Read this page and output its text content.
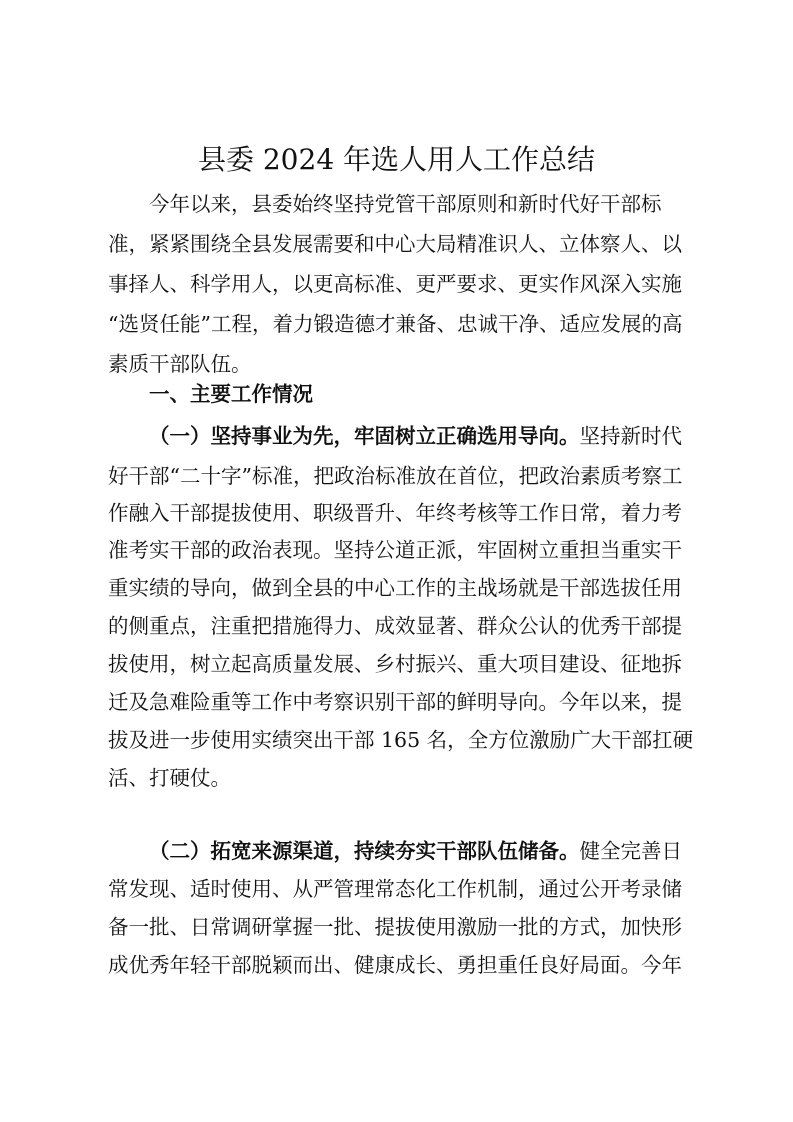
县委 2024 年选人用人工作总结
今年以来，县委始终坚持党管干部原则和新时代好干部标
准，紧紧围绕全县发展需要和中心大局精准识人、立体察人、以
事择人、科学用人，以更高标准、更严要求、更实作风深入实施
“选贤任能”工程，着力锻造德才兼备、忠诚干净、适应发展的高
素质干部队伍。
一、主要工作情况
（一）坚持事业为先，牢固树立正确选用导向。坚持新时代
好干部“二十字”标准，把政治标准放在首位，把政治素质考察工
作融入干部提拔使用、职级晋升、年终考核等工作日常，着力考
准考实干部的政治表现。坚持公道正派，牢固树立重担当重实干
重实绩的导向，做到全县的中心工作的主战场就是干部选拔任用
的侧重点，注重把措施得力、成效显著、群众公认的优秀干部提
拔使用，树立起高质量发展、乡村振兴、重大项目建设、征地拆
迁及急难险重等工作中考察识别干部的鲜明导向。今年以来，提
拔及进一步使用实绩突出干部 165 名，全方位激励广大干部扛硬
活、打硬仗。
（二）拓宽来源渠道，持续夯实干部队伍储备。健全完善日
常发现、适时使用、从严管理常态化工作机制，通过公开考录储
备一批、日常调研掌握一批、提拔使用激励一批的方式，加快形
成优秀年轻干部脱颖而出、健康成长、勇担重任良好局面。今年
